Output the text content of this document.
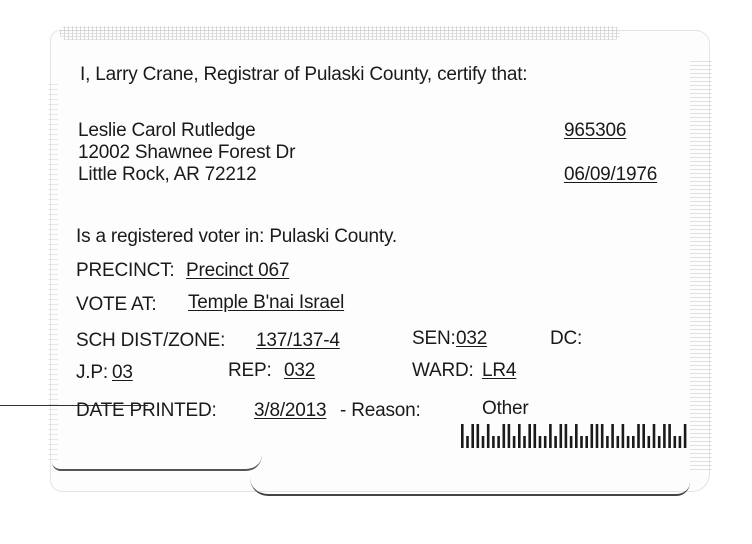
I, Larry Crane, Registrar of Pulaski County, certify that:
Leslie Carol Rutledge
12002 Shawnee Forest Dr
Little Rock, AR 72212
965306
06/09/1976
Is a registered voter in: Pulaski County.
PRECINCT: Precinct 067
VOTE AT: Temple B'nai Israel
SCH DIST/ZONE: 137/137-4	SEN: 032	DC:
J.P: 03	REP: 032	WARD: LR4
DATE PRINTED: 3/8/2013 - Reason:	Other
